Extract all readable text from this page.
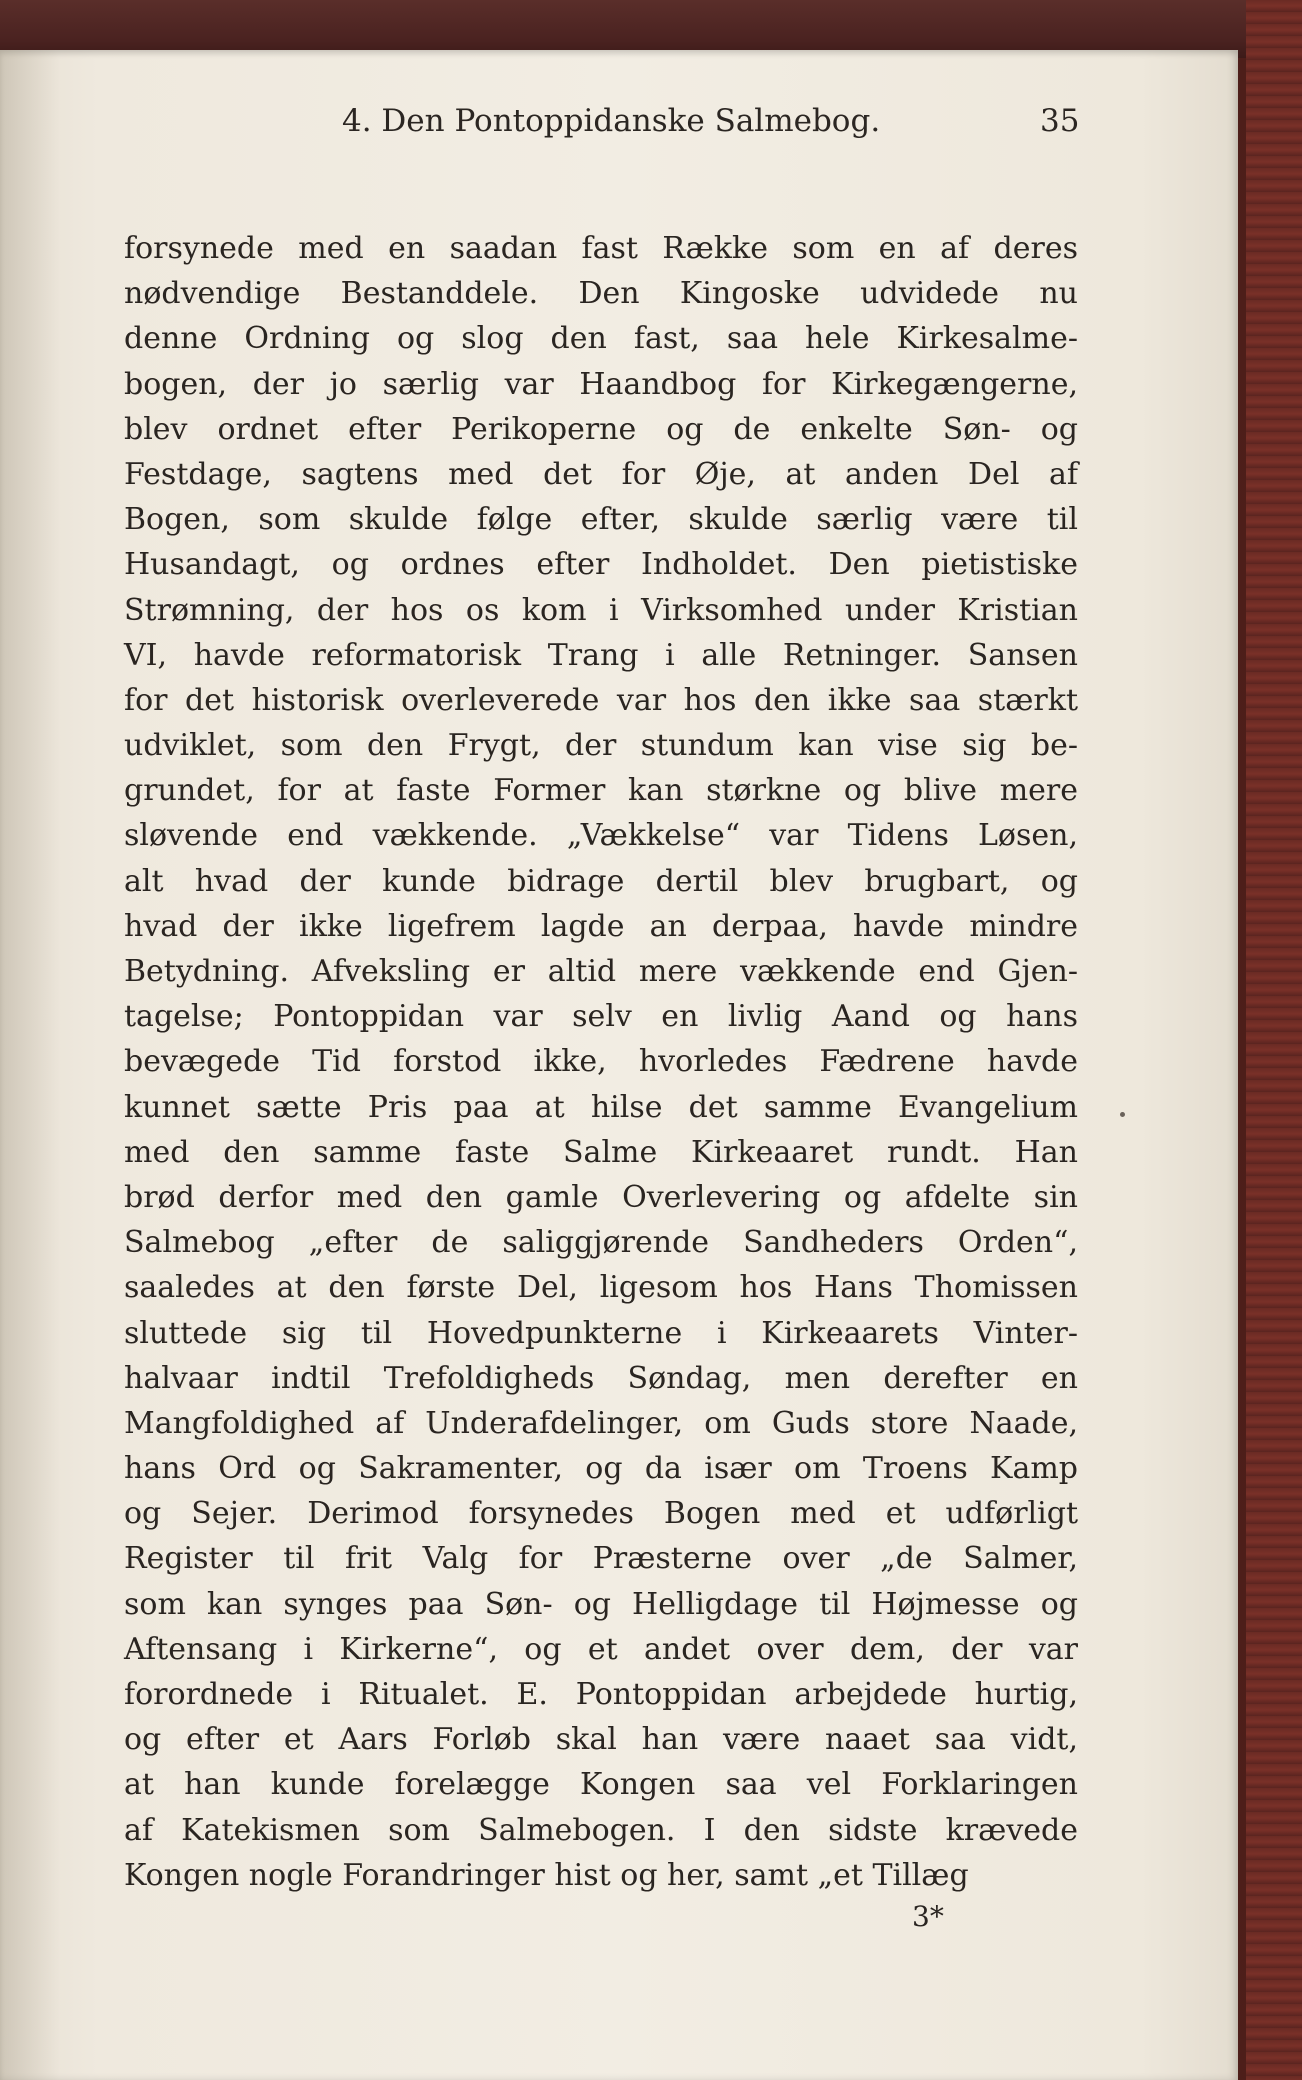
4. Den Pontoppidanske Salmebog.	35
forsynede med en saadan fast Række som en af deres
nødvendige Bestanddele. Den Kingoske udvidede nu
denne Ordning og slog den fast, saa hele Kirkesalme-
bogen, der jo særlig var Haandbog for Kirkegængerne,
blev ordnet efter Perikoperne og de enkelte Søn- og
Festdage, sagtens med det for Øje, at anden Del af
Bogen, som skulde følge efter, skulde særlig være til
Husandagt, og ordnes efter Indholdet. Den pietistiske
Strømning, der hos os kom i Virksomhed under Kristian
VI, havde reformatorisk Trang i alle Retninger. Sansen
for det historisk overleverede var hos den ikke saa stærkt
udviklet, som den Frygt, der stundum kan vise sig be-
grundet, for at faste Former kan størkne og blive mere
sløvende end vækkende. „Vækkelse“ var Tidens Løsen,
alt hvad der kunde bidrage dertil blev brugbart, og
hvad der ikke ligefrem lagde an derpaa, havde mindre
Betydning. Afveksling er altid mere vækkende end Gjen-
tagelse; Pontoppidan var selv en livlig Aand og hans
bevægede Tid forstod ikke, hvorledes Fædrene havde
kunnet sætte Pris paa at hilse det samme Evangelium
med den samme faste Salme Kirkeaaret rundt. Han
brød derfor med den gamle Overlevering og afdelte sin
Salmebog „efter de saliggjørende Sandheders Orden“,
saaledes at den første Del, ligesom hos Hans Thomissen
sluttede sig til Hovedpunkterne i Kirkeaarets Vinter-
halvaar indtil Trefoldigheds Søndag, men derefter en
Mangfoldighed af Underafdelinger, om Guds store Naade,
hans Ord og Sakramenter, og da især om Troens Kamp
og Sejer. Derimod forsynedes Bogen med et udførligt
Register til frit Valg for Præsterne over „de Salmer,
som kan synges paa Søn- og Helligdage til Højmesse og
Aftensang i Kirkerne“, og et andet over dem, der var
forordnede i Ritualet. E. Pontoppidan arbejdede hurtig,
og efter et Aars Forløb skal han være naaet saa vidt,
at han kunde forelægge Kongen saa vel Forklaringen
af Katekismen som Salmebogen. I den sidste krævede
Kongen nogle Forandringer hist og her, samt „et Tillæg
3*
